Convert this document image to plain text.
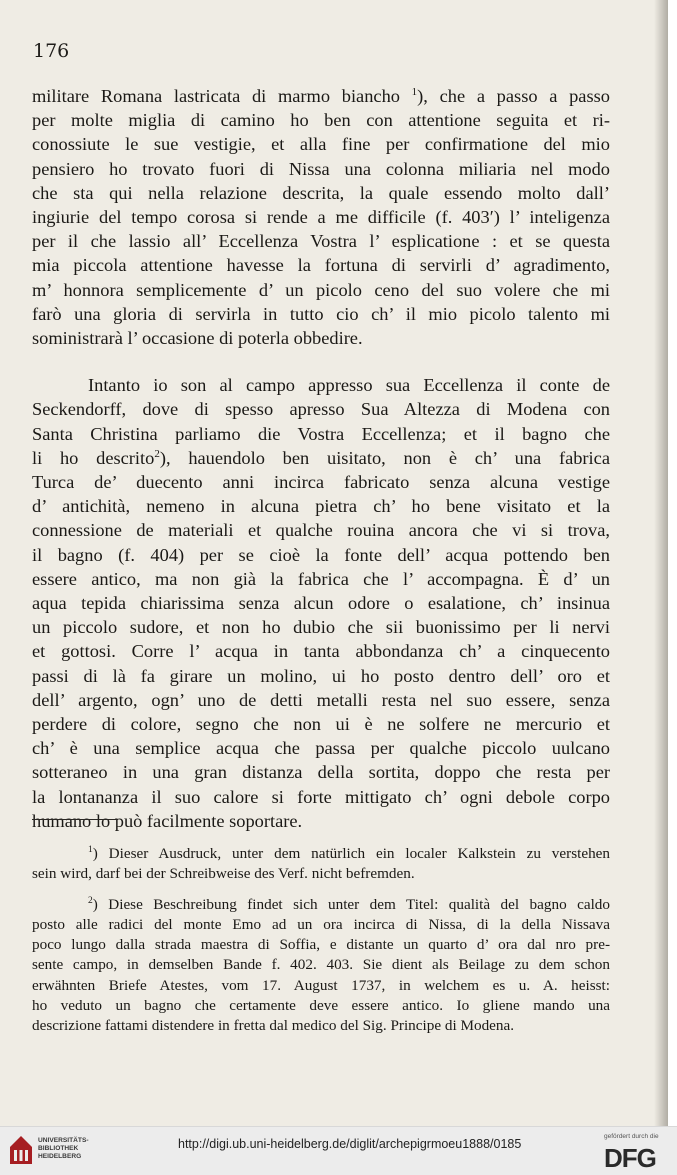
176
militare Romana lastricata di marmo biancho $^1$), che a passo a passo
per molte miglia di camino ho ben con attentione seguita et ri-
conossiute le sue vestigie, et alla fine per confirmatione del mio
pensiero ho trovato fuori di Nissa una colonna miliaria nel modo
che sta qui nella relazione descrita, la quale essendo molto dall’
ingiurie del tempo corosa si rende a me difficile (f. 403′) l’ inteligenza
per il che lassio all’ Eccellenza Vostra l’ esplicatione : et se questa
mia piccola attentione havesse la fortuna di servirli d’ agradimento,
m’ honnora semplicemente d’ un picolo ceno del suo volere che mi
farò una gloria di servirla in tutto cio ch’ il mio picolo talento mi
soministrarà l’ occasione di poterla obbedire.
Intanto io son al campo appresso sua Eccellenza il conte de
Seckendorff, dove di spesso apresso Sua Altezza di Modena con
Santa Christina parliamo die Vostra Eccellenza; et il bagno che
li ho descrito$^2$), hauendolo ben uisitato, non è ch’ una fabrica
Turca de’ duecento anni incirca fabricato senza alcuna vestige
d’ antichità, nemeno in alcuna pietra ch’ ho bene visitato et la
connessione de materiali et qualche rouina ancora che vi si trova,
il bagno (f. 404) per se cioè la fonte dell’ acqua pottendo ben
essere antico, ma non già la fabrica che l’ accompagna. È d’ un
aqua tepida chiarissima senza alcun odore o esalatione, ch’ insinua
un piccolo sudore, et non ho dubio che sii buonissimo per li nervi
et gottosi. Corre l’ acqua in tanta abbondanza ch’ a cinquecento
passi di là fa girare un molino, ui ho posto dentro dell’ oro et
dell’ argento, ogn’ uno de detti metalli resta nel suo essere, senza
perdere di colore, segno che non ui è ne solfere ne mercurio et
ch’ è una semplice acqua che passa per qualche piccolo uulcano
sotteraneo in una gran distanza della sortita, doppo che resta per
la lontananza il suo calore si forte mittigato ch’ ogni debole corpo
humano lo può facilmente soportare.
$^1$) Dieser Ausdruck, unter dem natürlich ein localer Kalkstein zu verstehen
sein wird, darf bei der Schreibweise des Verf. nicht befremden.
$^2$) Diese Beschreibung findet sich unter dem Titel: qualità del bagno caldo
posto alle radici del monte Emo ad un ora incirca di Nissa, di la della Nissava
poco lungo dalla strada maestra di Soffia, e distante un quarto d’ ora dal nro pre-
sente campo, in demselben Bande f. 402. 403. Sie dient als Beilage zu dem schon
erwähnten Briefe Atestes, vom 17. August 1737, in welchem es u. A. heisst:
ho veduto un bagno che certamente deve essere antico. Io gliene mando una
descrizione fattami distendere in fretta dal medico del Sig. Principe di Modena.
UNIVERSITÄTS-
BIBLIOTHEK
HEIDELBERG
http://digi.ub.uni-heidelberg.de/diglit/archepigrmoeu1888/0185
gefördert durch die
DFG
